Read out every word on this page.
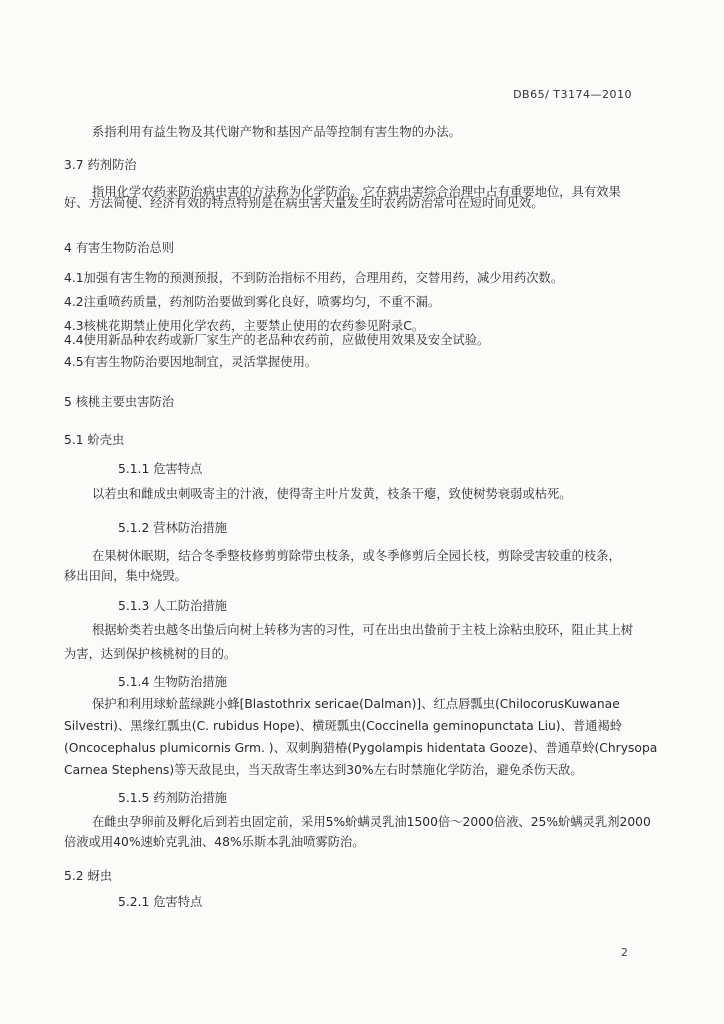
DB65/ T3174—2010
系指利用有益生物及其代谢产物和基因产品等控制有害生物的办法。
3.7 药剂防治
指用化学农药来防治病虫害的方法称为化学防治。它在病虫害综合治理中占有重要地位，具有效果
好、方法简便、经济有效的特点特别是在病虫害大量发生时农药防治常可在短时间见效。
4 有害生物防治总则
4.1加强有害生物的预测预报，不到防治指标不用药，合理用药，交替用药，减少用药次数。
4.2注重喷药质量，药剂防治要做到雾化良好，喷雾均匀，不重不漏。
4.3核桃花期禁止使用化学农药，主要禁止使用的农药参见附录C。
4.4使用新品种农药或新厂家生产的老品种农药前，应做使用效果及安全试验。
4.5有害生物防治要因地制宜，灵活掌握使用。
5 核桃主要虫害防治
5.1 蚧壳虫
5.1.1 危害特点
以若虫和雌成虫刺吸寄主的汁液，使得寄主叶片发黄，枝条干瘪，致使树势衰弱或枯死。
5.1.2 营林防治措施
在果树休眠期，结合冬季整枝修剪剪除带虫枝条，或冬季修剪后全园长枝，剪除受害较重的枝条，
移出田间，集中烧毁。
5.1.3 人工防治措施
根据蚧类若虫越冬出蛰后向树上转移为害的习性，可在出虫出蛰前于主枝上涂粘虫胶环，阻止其上树
为害，达到保护核桃树的目的。
5.1.4 生物防治措施
保护和利用球蚧蓝绿跳小蜂[Blastothrix sericae(Dalman)]、红点唇瓢虫(ChilocorusKuwanae
Silvestri)、黑缘红瓢虫(C. rubidus Hope)、横斑瓢虫(Coccinella geminopunctata Liu)、普通褐蛉
(Oncocephalus plumicornis Grm. )、双刺胸猎椿(Pygolampis hidentata Gooze)、普通草蛉(Chrysopa
Carnea Stephens)等天敌昆虫，当天敌寄生率达到30%左右时禁施化学防治，避免杀伤天敌。
5.1.5 药剂防治措施
在雌虫孕卵前及孵化后到若虫固定前，采用5%蚧螨灵乳油1500倍～2000倍液、25%蚧螨灵乳剂2000
倍液或用40%速蚧克乳油、48%乐斯本乳油喷雾防治。
5.2 蚜虫
5.2.1 危害特点
2
